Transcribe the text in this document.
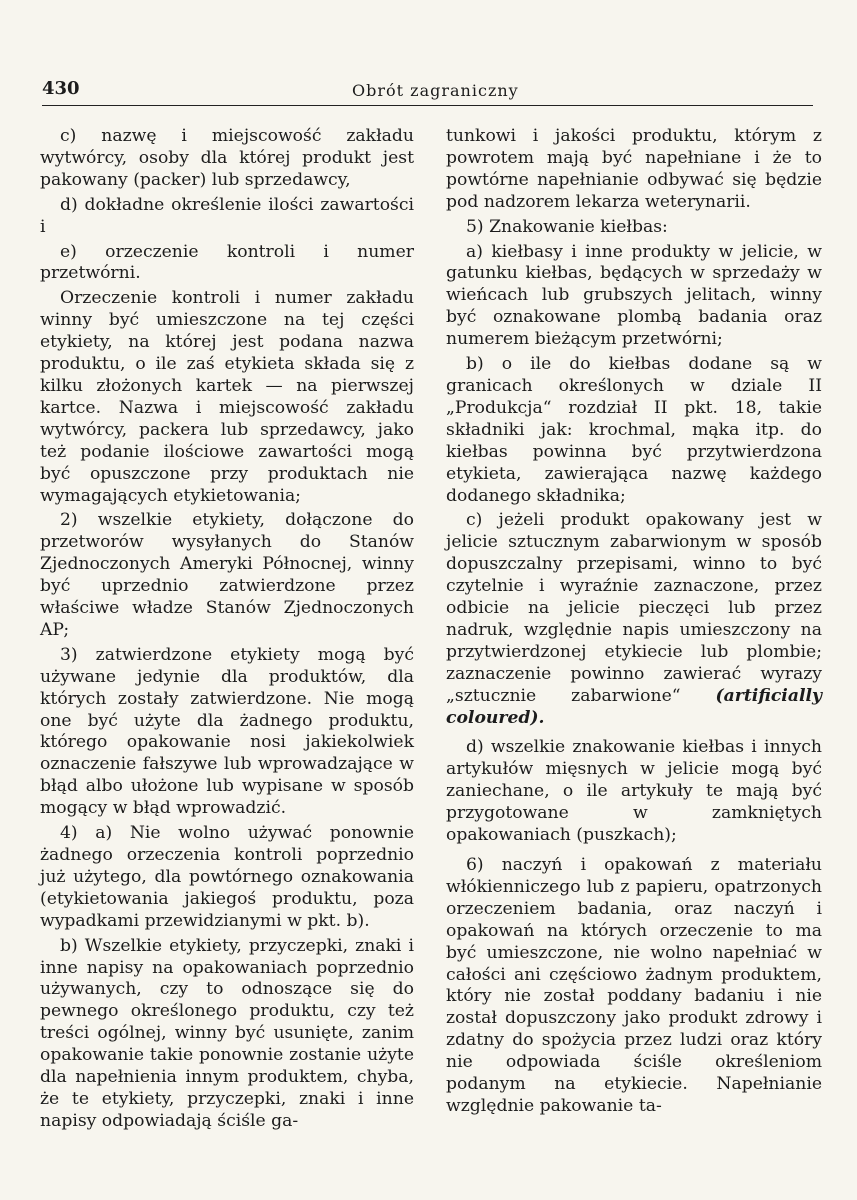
430	Obrót zagraniczny

c) nazwę i miejscowość zakładu wytwórcy, osoby dla której produkt jest pakowany (packer) lub sprzedawcy,

d) dokładne określenie ilości zawartości i

e) orzeczenie kontroli i numer przetwórni.

Orzeczenie kontroli i numer zakładu winny być umieszczone na tej części etykiety, na której jest podana nazwa produktu, o ile zaś etykieta składa się z kilku złożonych kartek — na pierwszej kartce. Nazwa i miejscowość zakładu wytwórcy, packera lub sprzedawcy, jako też podanie ilościowe zawartości mogą być opuszczone przy produktach nie wymagających etykietowania;

2) wszelkie etykiety, dołączone do przetworów wysyłanych do Stanów Zjednoczonych Ameryki Północnej, winny być uprzednio zatwierdzone przez właściwe władze Stanów Zjednoczonych AP;

3) zatwierdzone etykiety mogą być używane jedynie dla produktów, dla których zostały zatwierdzone. Nie mogą one być użyte dla żadnego produktu, którego opakowanie nosi jakiekolwiek oznaczenie fałszywe lub wprowadzające w błąd albo ułożone lub wypisane w sposób mogący w błąd wprowadzić.

4) a) Nie wolno używać ponownie żadnego orzeczenia kontroli poprzednio już użytego, dla powtórnego oznakowania (etykietowania jakiegoś produktu, poza wypadkami przewidzianymi w pkt. b).

b) Wszelkie etykiety, przyczepki, znaki i inne napisy na opakowaniach poprzednio używanych, czy to odnoszące się do pewnego określonego produktu, czy też treści ogólnej, winny być usunięte, zanim opakowanie takie ponownie zostanie użyte dla napełnienia innym produktem, chyba, że te etykiety, przyczepki, znaki i inne napisy odpowiadają ściśle ga-

tunkowi i jakości produktu, którym z powrotem mają być napełniane i że to powtórne napełnianie odbywać się będzie pod nadzorem lekarza weterynarii.

5) Znakowanie kiełbas:

a) kiełbasy i inne produkty w jelicie, w gatunku kiełbas, będących w sprzedaży w wieńcach lub grubszych jelitach, winny być oznakowane plombą badania oraz numerem bieżącym przetwórni;

b) o ile do kiełbas dodane są w granicach określonych w dziale II „Produkcja“ rozdział II pkt. 18, takie składniki jak: krochmal, mąka itp. do kiełbas powinna być przytwierdzona etykieta, zawierająca nazwę każdego dodanego składnika;

c) jeżeli produkt opakowany jest w jelicie sztucznym zabarwionym w sposób dopuszczalny przepisami, winno to być czytelnie i wyraźnie zaznaczone, przez odbicie na jelicie pieczęci lub przez nadruk, względnie napis umieszczony na przytwierdzonej etykiecie lub plombie; zaznaczenie powinno zawierać wyrazy „sztucznie zabarwione“ (artificially coloured).

d) wszelkie znakowanie kiełbas i innych artykułów mięsnych w jelicie mogą być zaniechane, o ile artykuły te mają być przygotowane w zamkniętych opakowaniach (puszkach);

6) naczyń i opakowań z materiału włókienniczego lub z papieru, opatrzonych orzeczeniem badania, oraz naczyń i opakowań na których orzeczenie to ma być umieszczone, nie wolno napełniać w całości ani częściowo żadnym produktem, który nie został poddany badaniu i nie został dopuszczony jako produkt zdrowy i zdatny do spożycia przez ludzi oraz który nie odpowiada ściśle określeniom podanym na etykiecie. Napełnianie względnie pakowanie ta-
